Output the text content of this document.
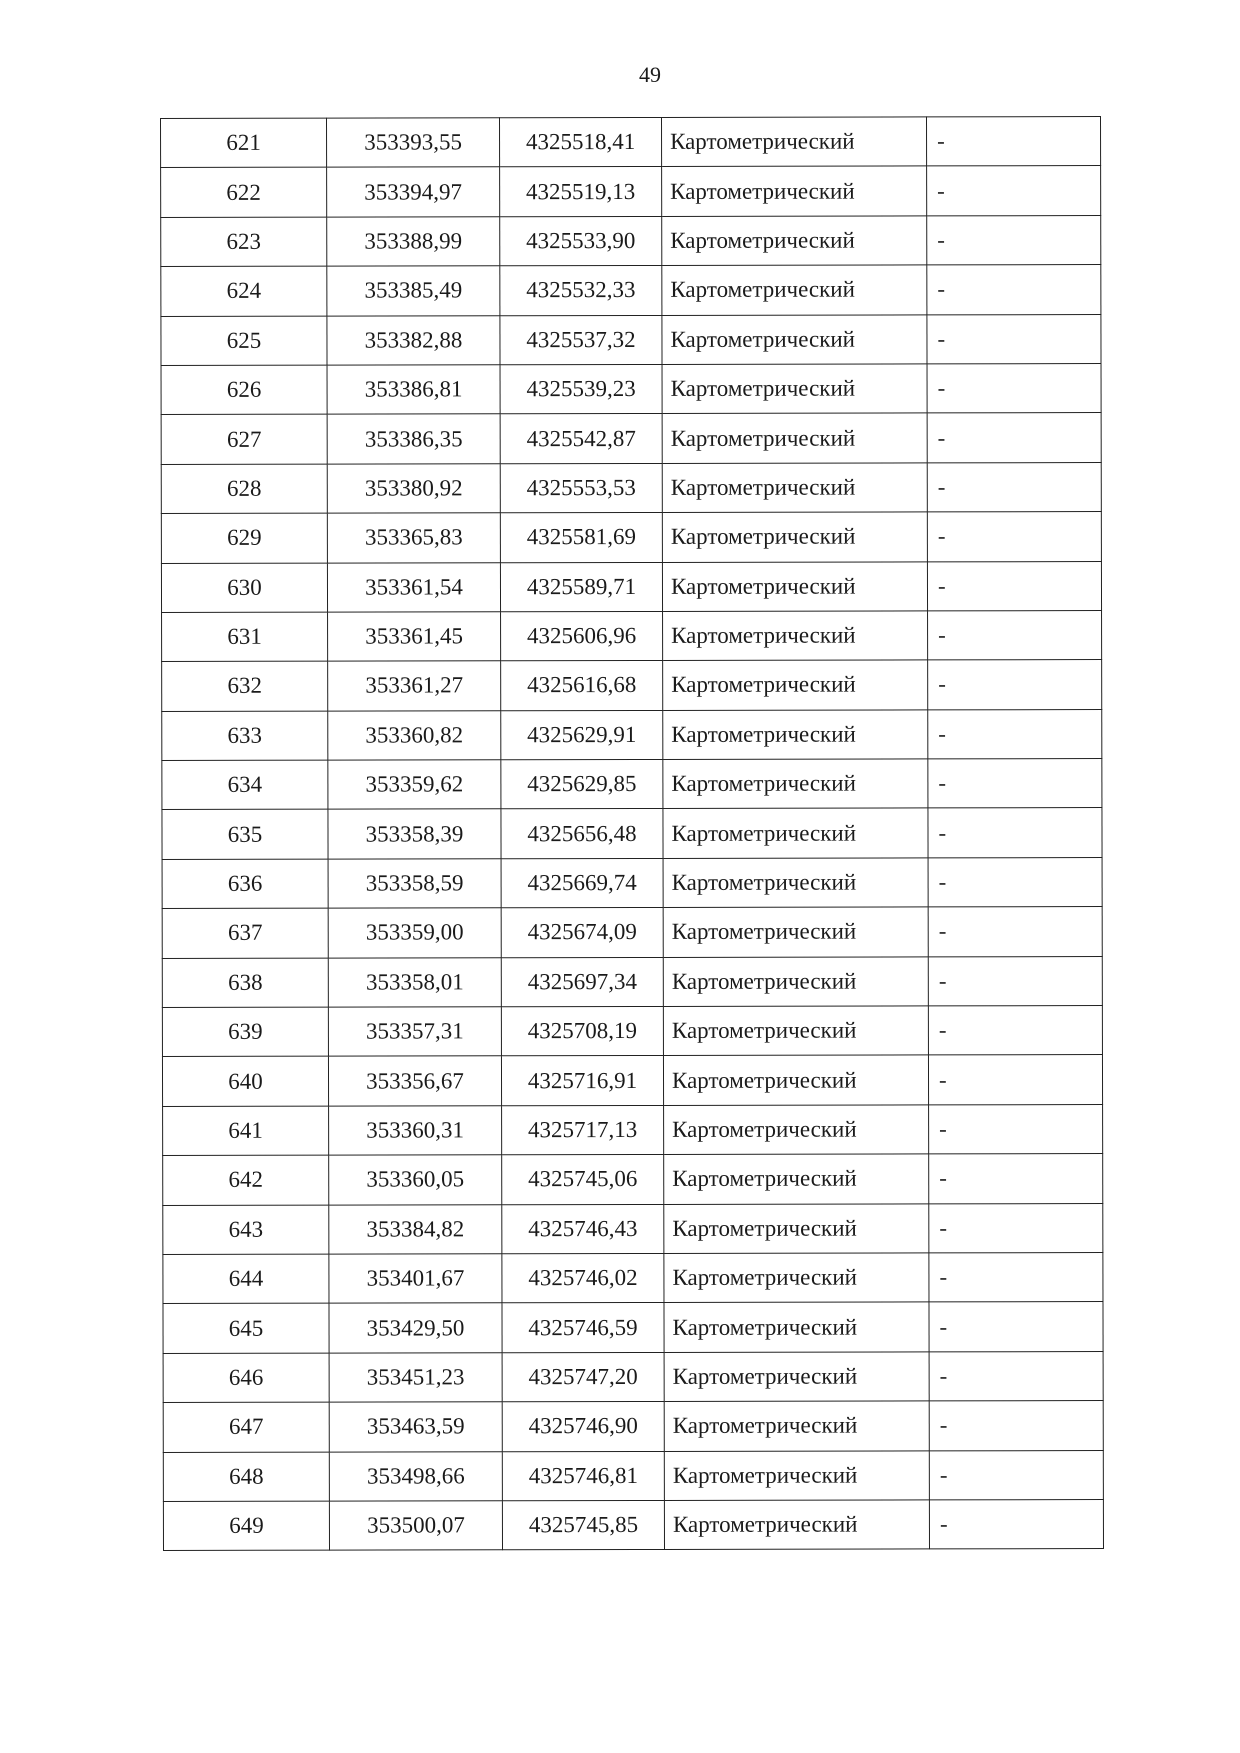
49
621	353393,55	4325518,41	Картометрический	-
622	353394,97	4325519,13	Картометрический	-
623	353388,99	4325533,90	Картометрический	-
624	353385,49	4325532,33	Картометрический	-
625	353382,88	4325537,32	Картометрический	-
626	353386,81	4325539,23	Картометрический	-
627	353386,35	4325542,87	Картометрический	-
628	353380,92	4325553,53	Картометрический	-
629	353365,83	4325581,69	Картометрический	-
630	353361,54	4325589,71	Картометрический	-
631	353361,45	4325606,96	Картометрический	-
632	353361,27	4325616,68	Картометрический	-
633	353360,82	4325629,91	Картометрический	-
634	353359,62	4325629,85	Картометрический	-
635	353358,39	4325656,48	Картометрический	-
636	353358,59	4325669,74	Картометрический	-
637	353359,00	4325674,09	Картометрический	-
638	353358,01	4325697,34	Картометрический	-
639	353357,31	4325708,19	Картометрический	-
640	353356,67	4325716,91	Картометрический	-
641	353360,31	4325717,13	Картометрический	-
642	353360,05	4325745,06	Картометрический	-
643	353384,82	4325746,43	Картометрический	-
644	353401,67	4325746,02	Картометрический	-
645	353429,50	4325746,59	Картометрический	-
646	353451,23	4325747,20	Картометрический	-
647	353463,59	4325746,90	Картометрический	-
648	353498,66	4325746,81	Картометрический	-
649	353500,07	4325745,85	Картометрический	-
